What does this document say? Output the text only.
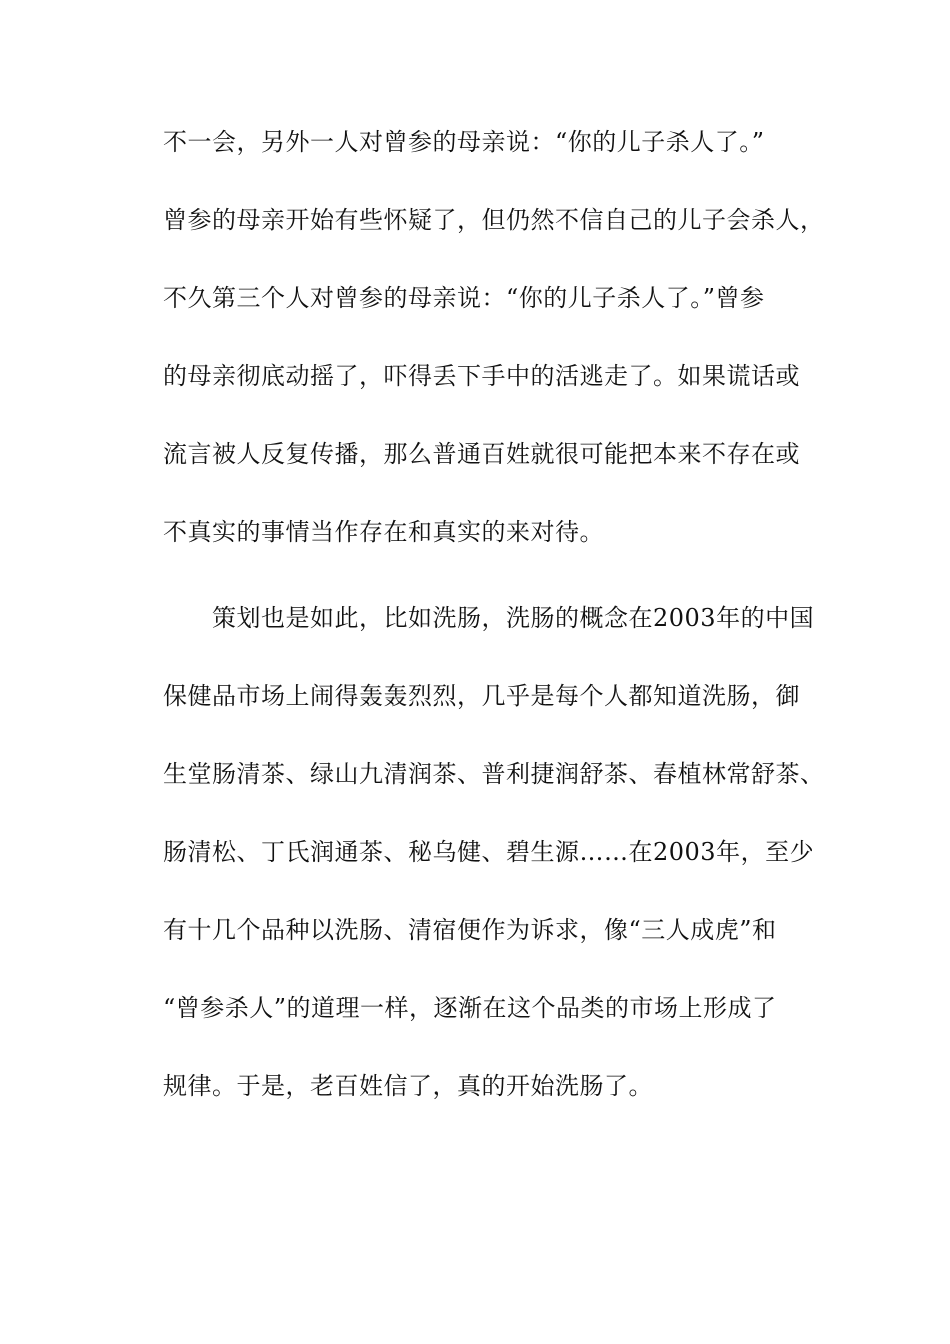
不一会，另外一人对曾参的母亲说：“你的儿子杀人了。”
曾参的母亲开始有些怀疑了，但仍然不信自己的儿子会杀人，
不久第三个人对曾参的母亲说：“你的儿子杀人了。”曾参
的母亲彻底动摇了，吓得丢下手中的活逃走了。如果谎话或
流言被人反复传播，那么普通百姓就很可能把本来不存在或
不真实的事情当作存在和真实的来对待。
　　策划也是如此，比如洗肠，洗肠的概念在2003年的中国
保健品市场上闹得轰轰烈烈，几乎是每个人都知道洗肠，御
生堂肠清茶、绿山九清润茶、普利捷润舒茶、春植林常舒茶、
肠清松、丁氏润通茶、秘乌健、碧生源……在2003年，至少
有十几个品种以洗肠、清宿便作为诉求，像“三人成虎”和
“曾参杀人”的道理一样，逐渐在这个品类的市场上形成了
规律。于是，老百姓信了，真的开始洗肠了。
